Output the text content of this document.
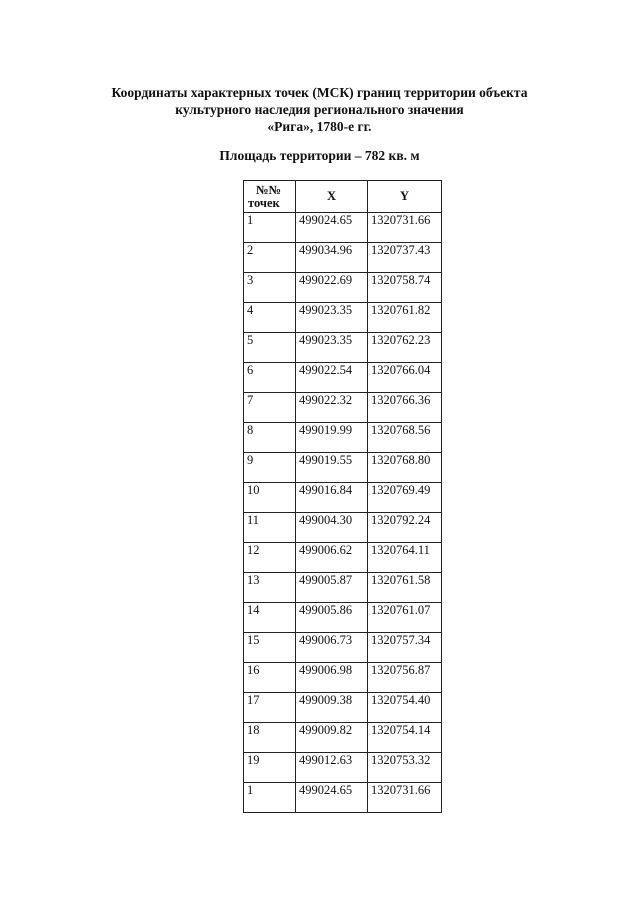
Координаты характерных точек (МСК) границ территории объекта
культурного наследия регионального значения
«Рига», 1780-е гг.
Площадь территории – 782 кв. м
№№
точек	X	Y
1	499024.65	1320731.66
2	499034.96	1320737.43
3	499022.69	1320758.74
4	499023.35	1320761.82
5	499023.35	1320762.23
6	499022.54	1320766.04
7	499022.32	1320766.36
8	499019.99	1320768.56
9	499019.55	1320768.80
10	499016.84	1320769.49
11	499004.30	1320792.24
12	499006.62	1320764.11
13	499005.87	1320761.58
14	499005.86	1320761.07
15	499006.73	1320757.34
16	499006.98	1320756.87
17	499009.38	1320754.40
18	499009.82	1320754.14
19	499012.63	1320753.32
1	499024.65	1320731.66
